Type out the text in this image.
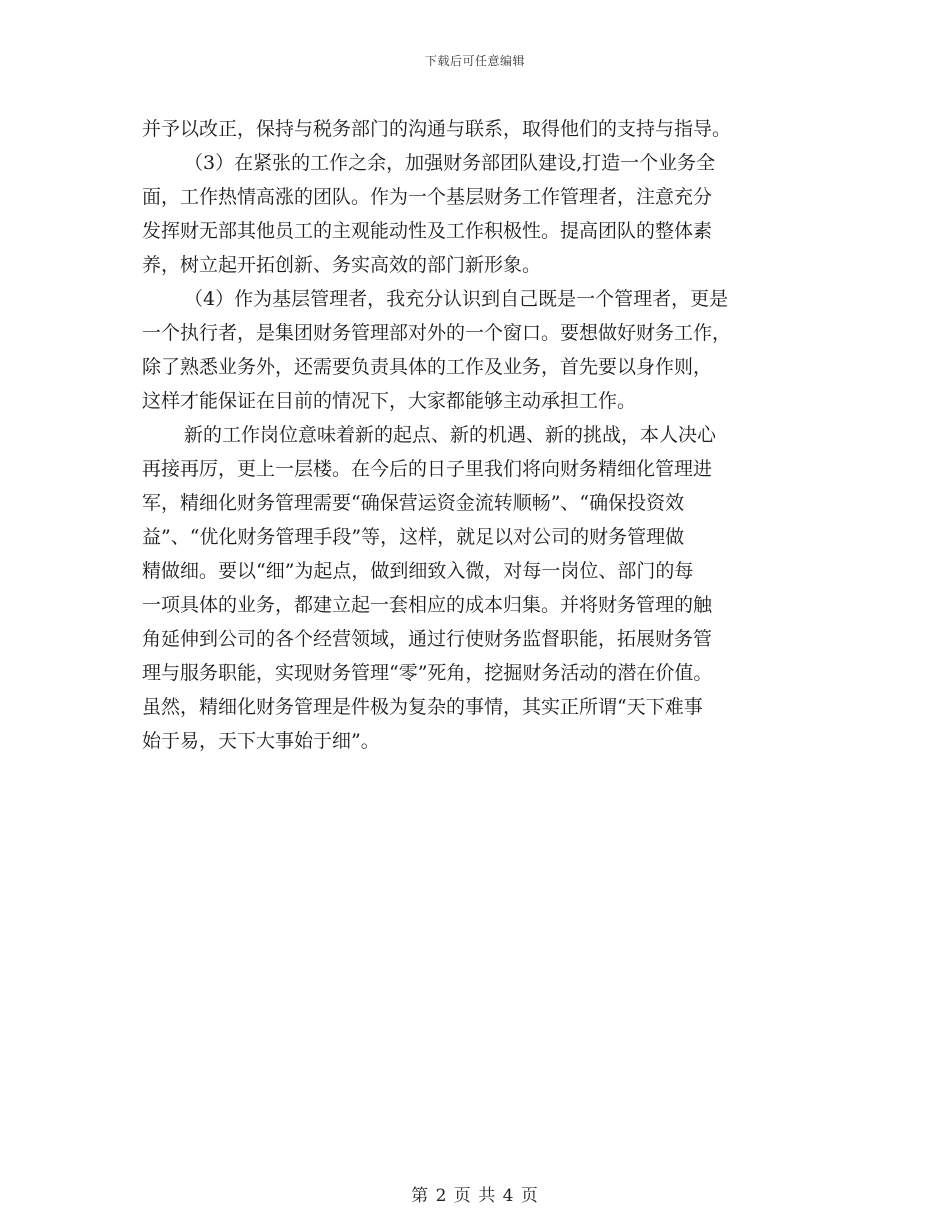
下载后可任意编辑
并予以改正，保持与税务部门的沟通与联系，取得他们的支持与指导。
（3）在紧张的工作之余，加强财务部团队建设,打造一个业务全
面，工作热情高涨的团队。作为一个基层财务工作管理者，注意充分
发挥财无部其他员工的主观能动性及工作积极性。提高团队的整体素
养，树立起开拓创新、务实高效的部门新形象。
（4）作为基层管理者，我充分认识到自己既是一个管理者，更是
一个执行者，是集团财务管理部对外的一个窗口。要想做好财务工作，
除了熟悉业务外，还需要负责具体的工作及业务，首先要以身作则，
这样才能保证在目前的情况下，大家都能够主动承担工作。
新的工作岗位意味着新的起点、新的机遇、新的挑战，本人决心
再接再厉，更上一层楼。在今后的日子里我们将向财务精细化管理进
军，精细化财务管理需要“确保营运资金流转顺畅”、“确保投资效
益”、“优化财务管理手段”等，这样，就足以对公司的财务管理做
精做细。要以“细”为起点，做到细致入微，对每一岗位、部门的每
一项具体的业务，都建立起一套相应的成本归集。并将财务管理的触
角延伸到公司的各个经营领域，通过行使财务监督职能，拓展财务管
理与服务职能，实现财务管理“零”死角，挖掘财务活动的潜在价值。
虽然，精细化财务管理是件极为复杂的事情，其实正所谓“天下难事
始于易，天下大事始于细”。
第 2 页 共 4 页
